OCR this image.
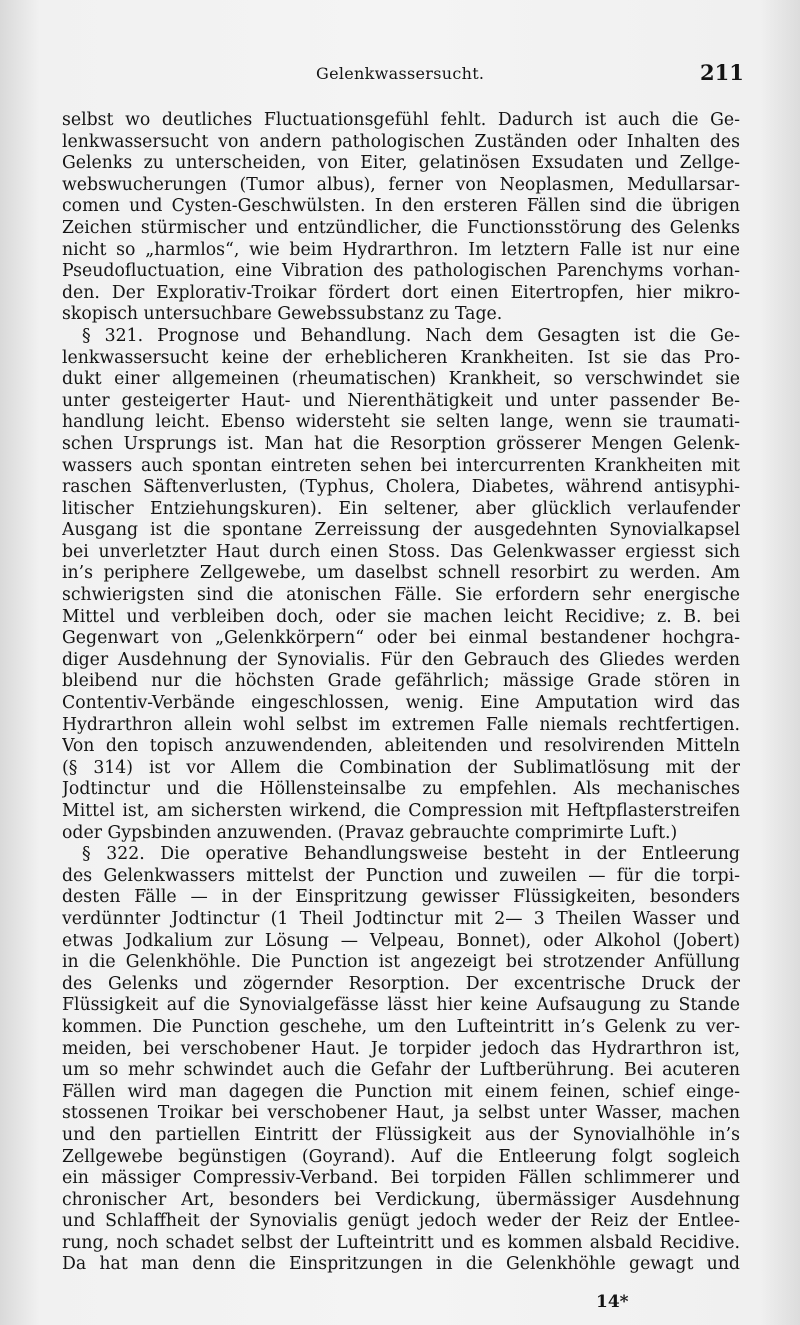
Gelenkwassersucht.	211
selbst wo deutliches Fluctuationsgefühl fehlt. Dadurch ist auch die Ge-
lenkwassersucht von andern pathologischen Zuständen oder Inhalten des
Gelenks zu unterscheiden, von Eiter, gelatinösen Exsudaten und Zellge-
webswucherungen (Tumor albus), ferner von Neoplasmen, Medullarsar-
comen und Cysten-Geschwülsten. In den ersteren Fällen sind die übrigen
Zeichen stürmischer und entzündlicher, die Functionsstörung des Gelenks
nicht so „harmlos“, wie beim Hydrarthron. Im letztern Falle ist nur eine
Pseudofluctuation, eine Vibration des pathologischen Parenchyms vorhan-
den. Der Explorativ-Troikar fördert dort einen Eitertropfen, hier mikro-
skopisch untersuchbare Gewebssubstanz zu Tage.
§ 321. Prognose und Behandlung. Nach dem Gesagten ist die Ge-
lenkwassersucht keine der erheblicheren Krankheiten. Ist sie das Pro-
dukt einer allgemeinen (rheumatischen) Krankheit, so verschwindet sie
unter gesteigerter Haut- und Nierenthätigkeit und unter passender Be-
handlung leicht. Ebenso widersteht sie selten lange, wenn sie traumati-
schen Ursprungs ist. Man hat die Resorption grösserer Mengen Gelenk-
wassers auch spontan eintreten sehen bei intercurrenten Krankheiten mit
raschen Säftenverlusten, (Typhus, Cholera, Diabetes, während antisyphi-
litischer Entziehungskuren). Ein seltener, aber glücklich verlaufender
Ausgang ist die spontane Zerreissung der ausgedehnten Synovialkapsel
bei unverletzter Haut durch einen Stoss. Das Gelenkwasser ergiesst sich
in’s periphere Zellgewebe, um daselbst schnell resorbirt zu werden. Am
schwierigsten sind die atonischen Fälle. Sie erfordern sehr energische
Mittel und verbleiben doch, oder sie machen leicht Recidive; z. B. bei
Gegenwart von „Gelenkkörpern“ oder bei einmal bestandener hochgra-
diger Ausdehnung der Synovialis. Für den Gebrauch des Gliedes werden
bleibend nur die höchsten Grade gefährlich; mässige Grade stören in
Contentiv-Verbände eingeschlossen, wenig. Eine Amputation wird das
Hydrarthron allein wohl selbst im extremen Falle niemals rechtfertigen.
Von den topisch anzuwendenden, ableitenden und resolvirenden Mitteln
(§ 314) ist vor Allem die Combination der Sublimatlösung mit der
Jodtinctur und die Höllensteinsalbe zu empfehlen. Als mechanisches
Mittel ist, am sichersten wirkend, die Compression mit Heftpflasterstreifen
oder Gypsbinden anzuwenden. (Pravaz gebrauchte comprimirte Luft.)
§ 322. Die operative Behandlungsweise besteht in der Entleerung
des Gelenkwassers mittelst der Punction und zuweilen — für die torpi-
desten Fälle — in der Einspritzung gewisser Flüssigkeiten, besonders
verdünnter Jodtinctur (1 Theil Jodtinctur mit 2— 3 Theilen Wasser und
etwas Jodkalium zur Lösung — Velpeau, Bonnet), oder Alkohol (Jobert)
in die Gelenkhöhle. Die Punction ist angezeigt bei strotzender Anfüllung
des Gelenks und zögernder Resorption. Der excentrische Druck der
Flüssigkeit auf die Synovialgefässe lässt hier keine Aufsaugung zu Stande
kommen. Die Punction geschehe, um den Lufteintritt in’s Gelenk zu ver-
meiden, bei verschobener Haut. Je torpider jedoch das Hydrarthron ist,
um so mehr schwindet auch die Gefahr der Luftberührung. Bei acuteren
Fällen wird man dagegen die Punction mit einem feinen, schief einge-
stossenen Troikar bei verschobener Haut, ja selbst unter Wasser, machen
und den partiellen Eintritt der Flüssigkeit aus der Synovialhöhle in’s
Zellgewebe begünstigen (Goyrand). Auf die Entleerung folgt sogleich
ein mässiger Compressiv-Verband. Bei torpiden Fällen schlimmerer und
chronischer Art, besonders bei Verdickung, übermässiger Ausdehnung
und Schlaffheit der Synovialis genügt jedoch weder der Reiz der Entlee-
rung, noch schadet selbst der Lufteintritt und es kommen alsbald Recidive.
Da hat man denn die Einspritzungen in die Gelenkhöhle gewagt und
14*
